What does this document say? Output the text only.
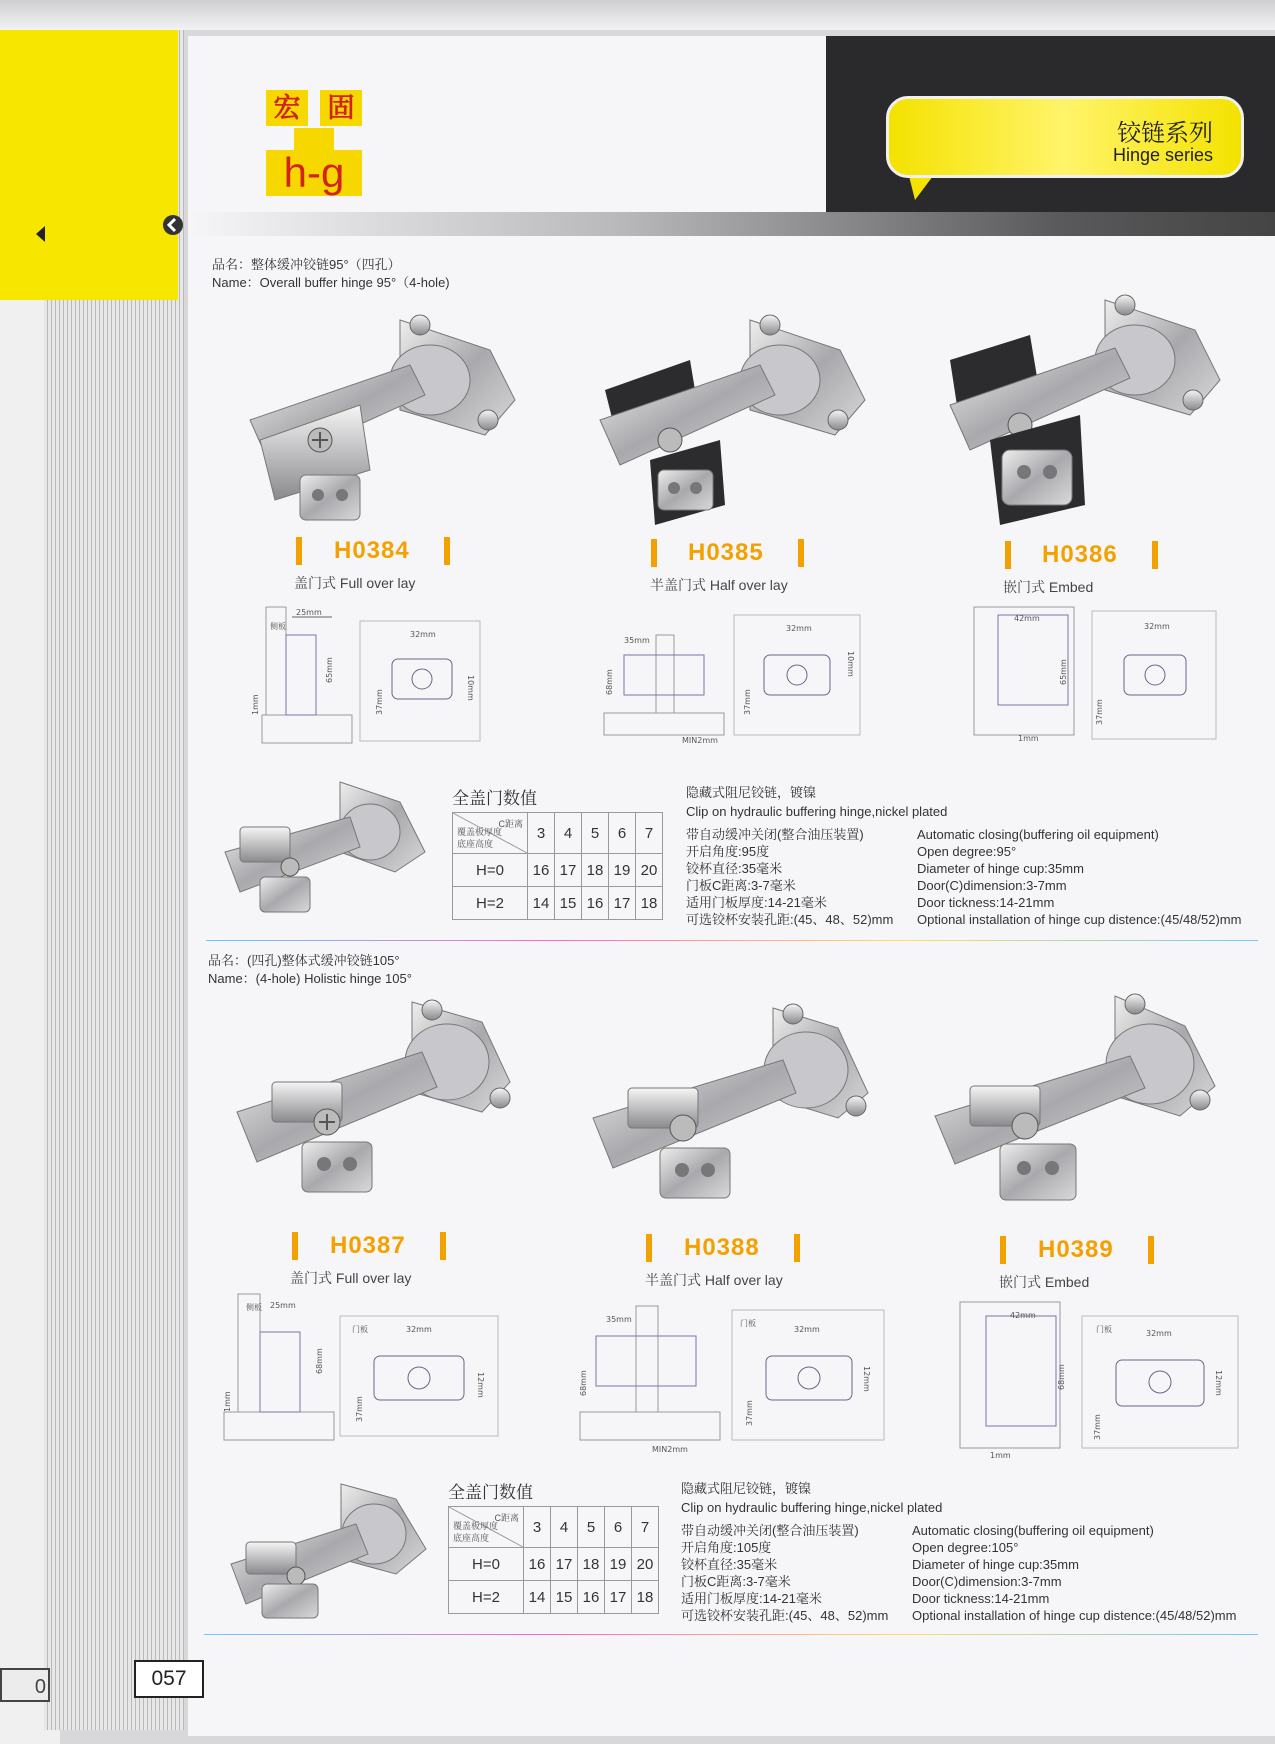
宏 固
h-g
铰链系列
Hinge series
品名：整体缓冲铰链95°（四孔）
Name：Overall buffer hinge 95°（4-hole)
H0384
盖门式 Full over lay
H0385
半盖门式 Half over lay
H0386
嵌门式 Embed
侧板
25mm
65mm
1mm
32mm
37mm
10mm
35mm
68mm
MIN2mm
32mm
37mm
10mm
42mm
65mm
1mm
32mm
37mm
全盖门数值
C距离
覆盖板厚度
底座高度	3	4	5	6	7
H=0	16	17	18	19	20
H=2	14	15	16	17	18
隐藏式阻尼铰链，镀镍
Clip on hydraulic buffering hinge,nickel plated
带自动缓冲关闭(整合油压装置)
开启角度:95度
铰杯直径:35毫米
门板C距离:3-7毫米
适用门板厚度:14-21毫米
可选铰杯安装孔距:(45、48、52)mm
Automatic closing(buffering oil equipment)
Open degree:95°
Diameter of hinge cup:35mm
Door(C)dimension:3-7mm
Door tickness:14-21mm
Optional installation of hinge cup distence:(45/48/52)mm
品名：(四孔)整体式缓冲铰链105°
Name：(4-hole) Holistic hinge 105°
H0387
盖门式 Full over lay
H0388
半盖门式 Half over lay
H0389
嵌门式 Embed
侧板 25mm
68mm
1mm
门板	32mm
37mm
12mm
35mm
68mm
MIN2mm
门板
32mm
37mm
12mm
42mm
68mm
1mm
门板	32mm
37mm
12mm
全盖门数值
C距离
覆盖板厚度
底座高度	3	4	5	6	7
H=0	16	17	18	19	20
H=2	14	15	16	17	18
隐藏式阻尼铰链，镀镍
Clip on hydraulic buffering hinge,nickel plated
带自动缓冲关闭(整合油压装置)
开启角度:105度
铰杯直径:35毫米
门板C距离:3-7毫米
适用门板厚度:14-21毫米
可选铰杯安装孔距:(45、48、52)mm
Automatic closing(buffering oil equipment)
Open degree:105°
Diameter of hinge cup:35mm
Door(C)dimension:3-7mm
Door tickness:14-21mm
Optional installation of hinge cup distence:(45/48/52)mm
0	057
